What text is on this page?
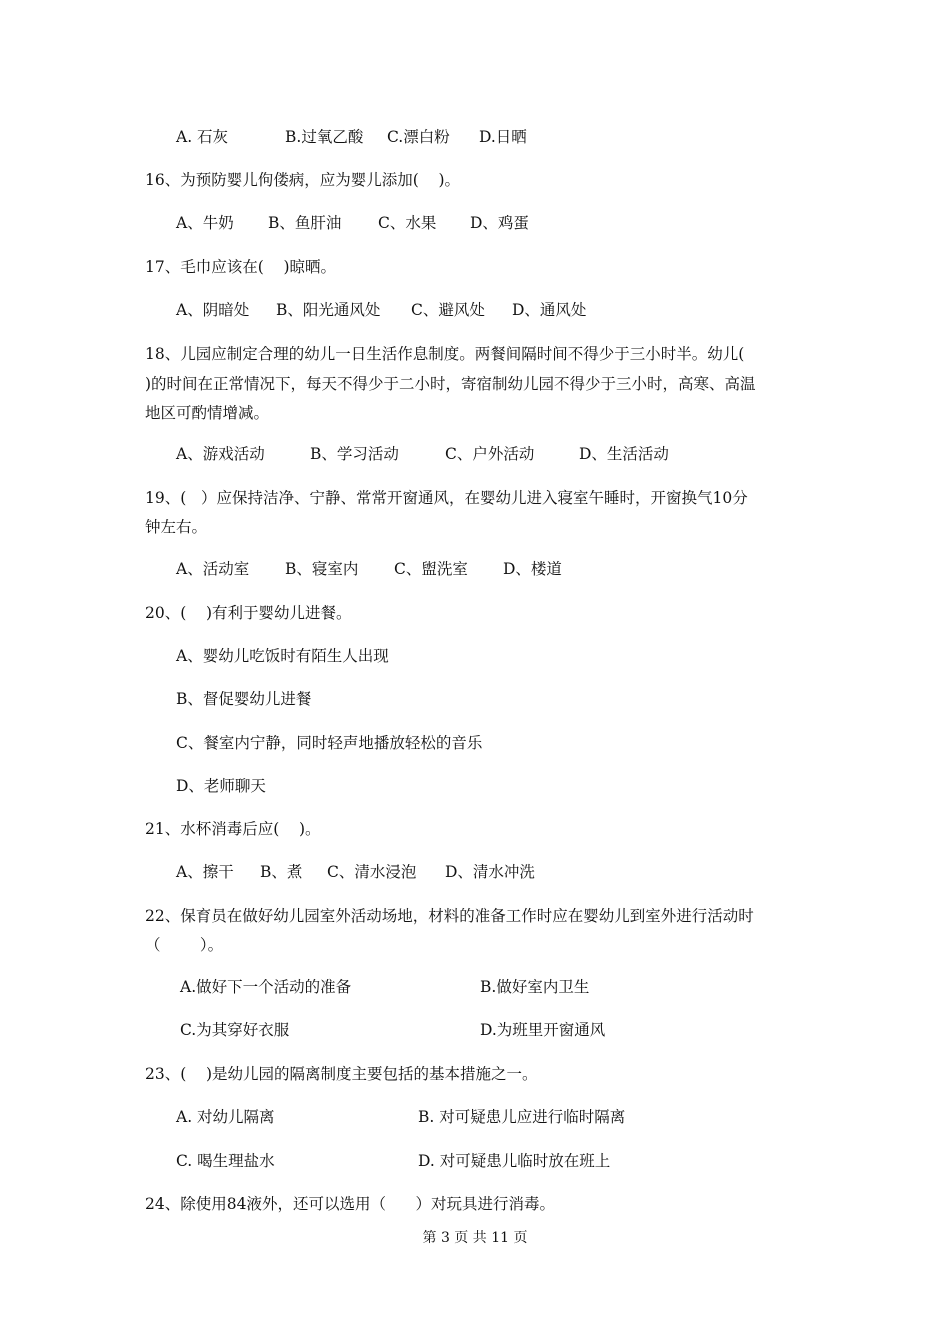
A. 石灰	B.过氧乙酸 C.漂白粉 D.日晒
16、为预防婴儿佝偻病，应为婴儿添加(    )。
A、牛奶 B、鱼肝油 C、水果 D、鸡蛋
17、毛巾应该在(    )晾晒。
A、阴暗处 B、阳光通风处 C、避风处 D、通风处
18、儿园应制定合理的幼儿一日生活作息制度。两餐间隔时间不得少于三小时半。幼儿(
)的时间在正常情况下，每天不得少于二小时，寄宿制幼儿园不得少于三小时，高寒、高温
地区可酌情增减。
A、游戏活动	B、学习活动	C、户外活动	D、生活活动
19、(   ）应保持洁净、宁静、常常开窗通风，在婴幼儿进入寝室午睡时，开窗换气10分
钟左右。
A、活动室 B、寝室内 C、盥洗室 D、楼道
20、(    )有利于婴幼儿进餐。
A、婴幼儿吃饭时有陌生人出现
B、督促婴幼儿进餐
C、餐室内宁静，同时轻声地播放轻松的音乐
D、老师聊天
21、水杯消毒后应(    )。
A、擦干 B、煮 C、清水浸泡 D、清水冲洗
22、保育员在做好幼儿园室外活动场地，材料的准备工作时应在婴幼儿到室外进行活动时
（        ）。
A.做好下一个活动的准备	B.做好室内卫生
C.为其穿好衣服	D.为班里开窗通风
23、(    )是幼儿园的隔离制度主要包括的基本措施之一。
A. 对幼儿隔离	B. 对可疑患儿应进行临时隔离
C. 喝生理盐水	D. 对可疑患儿临时放在班上
24、除使用84液外，还可以选用（      ）对玩具进行消毒。
第 3 页 共 11 页
